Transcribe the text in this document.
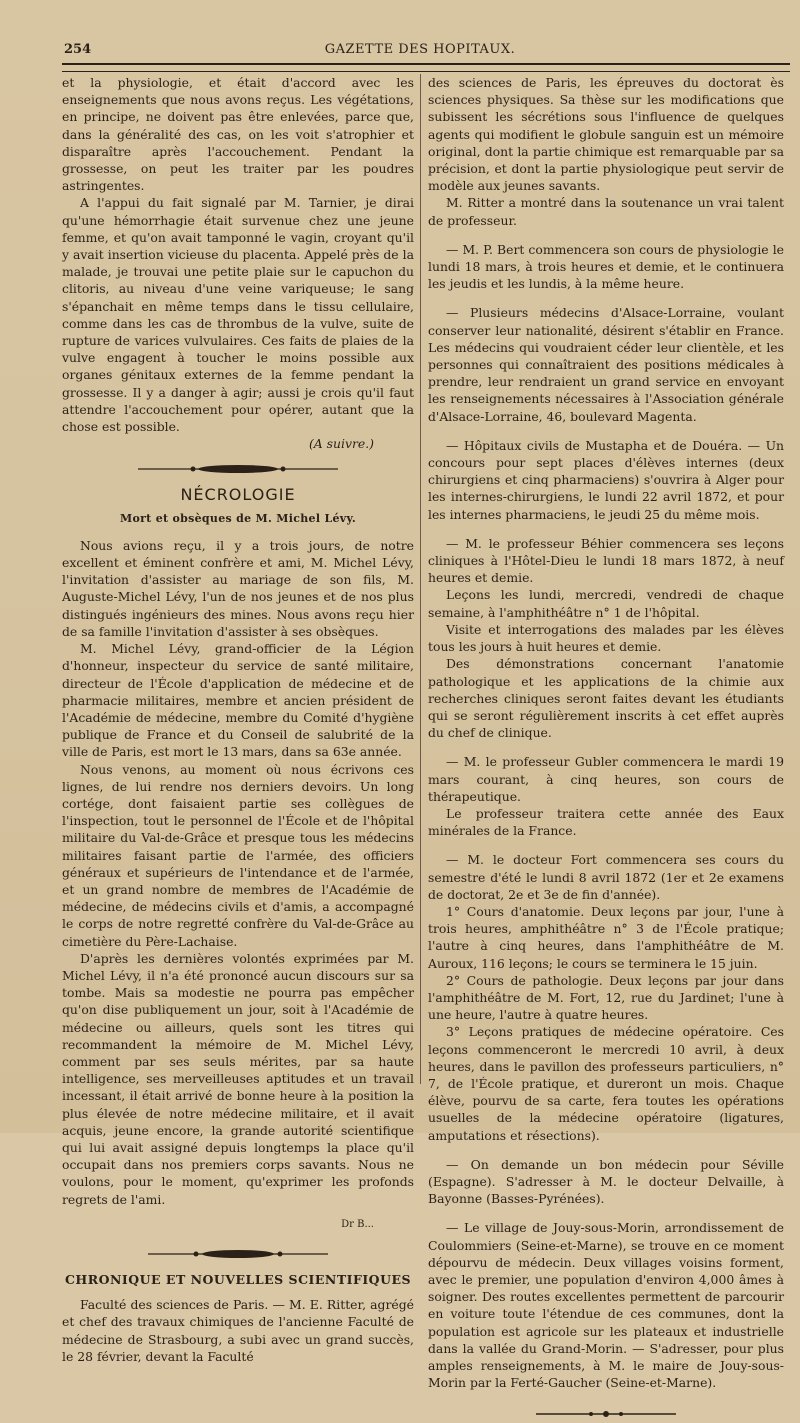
254	GAZETTE DES HOPITAUX.

et la physiologie, et était d'accord avec les enseignements que nous avons reçus. Les végétations, en principe, ne doivent pas être enlevées, parce que, dans la généralité des cas, on les voit s'atrophier et disparaître après l'accouchement. Pendant la grossesse, on peut les traiter par les poudres astringentes.

A l'appui du fait signalé par M. Tarnier, je dirai qu'une hémorrhagie était survenue chez une jeune femme, et qu'on avait tamponné le vagin, croyant qu'il y avait insertion vicieuse du placenta. Appelé près de la malade, je trouvai une petite plaie sur le capuchon du clitoris, au niveau d'une veine variqueuse; le sang s'épanchait en même temps dans le tissu cellulaire, comme dans les cas de thrombus de la vulve, suite de rupture de varices vulvulaires. Ces faits de plaies de la vulve engagent à toucher le moins possible aux organes génitaux externes de la femme pendant la grossesse. Il y a danger à agir; aussi je crois qu'il faut attendre l'accouchement pour opérer, autant que la chose est possible.

(A suivre.)

NÉCROLOGIE
Mort et obsèques de M. Michel Lévy.

Nous avions reçu, il y a trois jours, de notre excellent et éminent confrère et ami, M. Michel Lévy, l'invitation d'assister au mariage de son fils, M. Auguste-Michel Lévy, l'un de nos jeunes et de nos plus distingués ingénieurs des mines. Nous avons reçu hier de sa famille l'invitation d'assister à ses obsèques.

M. Michel Lévy, grand-officier de la Légion d'honneur, inspecteur du service de santé militaire, directeur de l'École d'application de médecine et de pharmacie militaires, membre et ancien président de l'Académie de médecine, membre du Comité d'hygiène publique de France et du Conseil de salubrité de la ville de Paris, est mort le 13 mars, dans sa 63e année.

Nous venons, au moment où nous écrivons ces lignes, de lui rendre nos derniers devoirs. Un long cortége, dont faisaient partie ses collègues de l'inspection, tout le personnel de l'École et de l'hôpital militaire du Val-de-Grâce et presque tous les médecins militaires faisant partie de l'armée, des officiers généraux et supérieurs de l'intendance et de l'armée, et un grand nombre de membres de l'Académie de médecine, de médecins civils et d'amis, a accompagné le corps de notre regretté confrère du Val-de-Grâce au cimetière du Père-Lachaise.

D'après les dernières volontés exprimées par M. Michel Lévy, il n'a été prononcé aucun discours sur sa tombe. Mais sa modestie ne pourra pas empêcher qu'on dise publiquement un jour, soit à l'Académie de médecine ou ailleurs, quels sont les titres qui recommandent la mémoire de M. Michel Lévy, comment par ses seuls mérites, par sa haute intelligence, ses merveilleuses aptitudes et un travail incessant, il était arrivé de bonne heure à la position la plus élevée de notre médecine militaire, et il avait acquis, jeune encore, la grande autorité scientifique qui lui avait assigné depuis longtemps la place qu'il occupait dans nos premiers corps savants. Nous ne voulons, pour le moment, qu'exprimer les profonds regrets de l'ami.

Dr B...
CHRONIQUE ET NOUVELLES SCIENTIFIQUES

Faculté des sciences de Paris. — M. E. Ritter, agrégé et chef des travaux chimiques de l'ancienne Faculté de médecine de Strasbourg, a subi avec un grand succès, le 28 février, devant la Faculté

des sciences de Paris, les épreuves du doctorat ès sciences physiques. Sa thèse sur les modifications que subissent les sécrétions sous l'influence de quelques agents qui modifient le globule sanguin est un mémoire original, dont la partie chimique est remarquable par sa précision, et dont la partie physiologique peut servir de modèle aux jeunes savants.

M. Ritter a montré dans la soutenance un vrai talent de professeur.

— M. P. Bert commencera son cours de physiologie le lundi 18 mars, à trois heures et demie, et le continuera les jeudis et les lundis, à la même heure.

— Plusieurs médecins d'Alsace-Lorraine, voulant conserver leur nationalité, désirent s'établir en France. Les médecins qui voudraient céder leur clientèle, et les personnes qui connaîtraient des positions médicales à prendre, leur rendraient un grand service en envoyant les renseignements nécessaires à l'Association générale d'Alsace-Lorraine, 46, boulevard Magenta.

— Hôpitaux civils de Mustapha et de Douéra. — Un concours pour sept places d'élèves internes (deux chirurgiens et cinq pharmaciens) s'ouvrira à Alger pour les internes-chirurgiens, le lundi 22 avril 1872, et pour les internes pharmaciens, le jeudi 25 du même mois.

— M. le professeur Béhier commencera ses leçons cliniques à l'Hôtel-Dieu le lundi 18 mars 1872, à neuf heures et demie.

Leçons les lundi, mercredi, vendredi de chaque semaine, à l'amphithéâtre n° 1 de l'hôpital.

Visite et interrogations des malades par les élèves tous les jours à huit heures et demie.

Des démonstrations concernant l'anatomie pathologique et les applications de la chimie aux recherches cliniques seront faites devant les étudiants qui se seront régulièrement inscrits à cet effet auprès du chef de clinique.

— M. le professeur Gubler commencera le mardi 19 mars courant, à cinq heures, son cours de thérapeutique.

Le professeur traitera cette année des Eaux minérales de la France.

— M. le docteur Fort commencera ses cours du semestre d'été le lundi 8 avril 1872 (1er et 2e examens de doctorat, 2e et 3e de fin d'année).

1° Cours d'anatomie. Deux leçons par jour, l'une à trois heures, amphithéâtre n° 3 de l'École pratique; l'autre à cinq heures, dans l'amphithéâtre de M. Auroux, 116 leçons; le cours se terminera le 15 juin.

2° Cours de pathologie. Deux leçons par jour dans l'amphithéâtre de M. Fort, 12, rue du Jardinet; l'une à une heure, l'autre à quatre heures.

3° Leçons pratiques de médecine opératoire. Ces leçons commenceront le mercredi 10 avril, à deux heures, dans le pavillon des professeurs particuliers, n° 7, de l'École pratique, et dureront un mois. Chaque élève, pourvu de sa carte, fera toutes les opérations usuelles de la médecine opératoire (ligatures, amputations et résections).

— On demande un bon médecin pour Séville (Espagne). S'adresser à M. le docteur Delvaille, à Bayonne (Basses-Pyrénées).

— Le village de Jouy-sous-Morin, arrondissement de Coulommiers (Seine-et-Marne), se trouve en ce moment dépourvu de médecin. Deux villages voisins forment, avec le premier, une population d'environ 4,000 âmes à soigner. Des routes excellentes permettent de parcourir en voiture toute l'étendue de ces communes, dont la population est agricole sur les plateaux et industrielle dans la vallée du Grand-Morin. — S'adresser, pour plus amples renseignements, à M. le maire de Jouy-sous-Morin par la Ferté-Gaucher (Seine-et-Marne).
